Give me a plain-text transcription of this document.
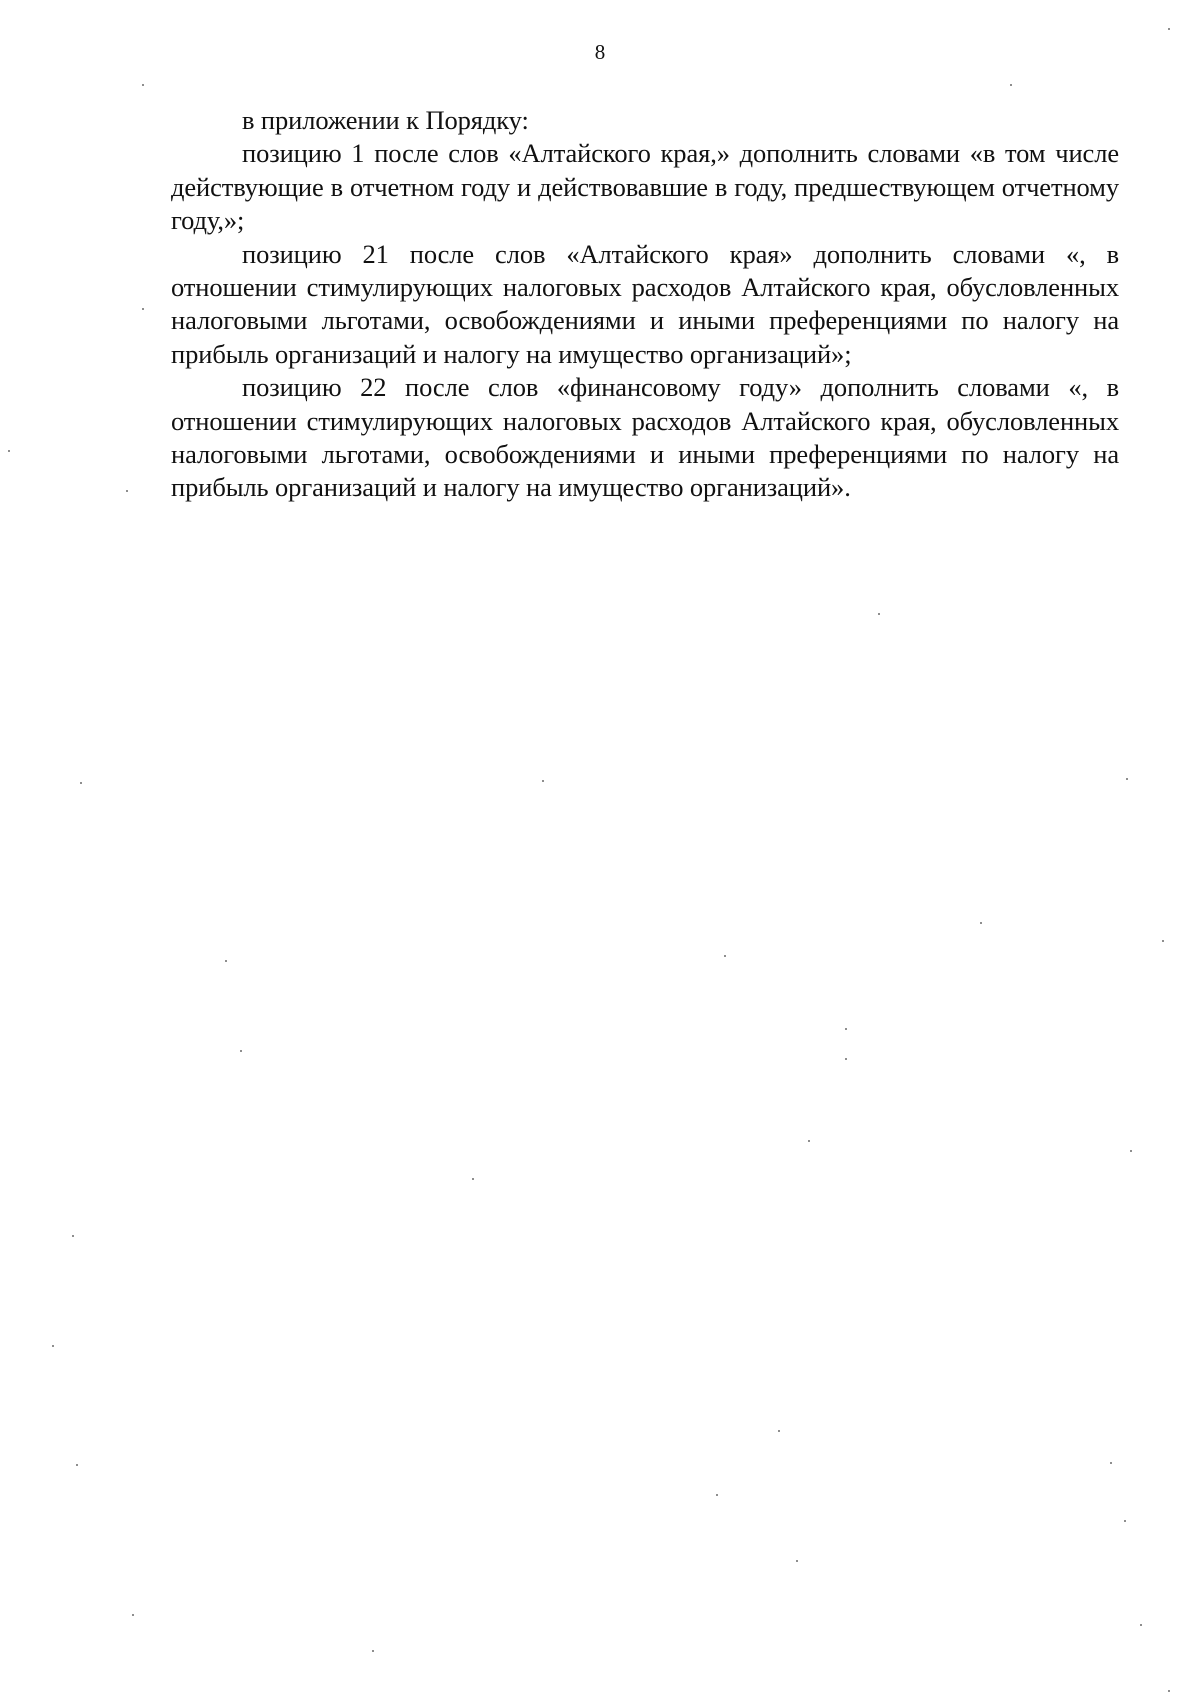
8

в приложении к Порядку:

позицию 1 после слов «Алтайского края,» дополнить словами «в том числе действующие в отчетном году и действовавшие в году, предшествующем отчетному году,»;

позицию 21 после слов «Алтайского края» дополнить словами «, в отношении стимулирующих налоговых расходов Алтайского края, обусловленных налоговыми льготами, освобождениями и иными преференциями по налогу на прибыль организаций и налогу на имущество организаций»;

позицию 22 после слов «финансовому году» дополнить словами «, в отношении стимулирующих налоговых расходов Алтайского края, обусловленных налоговыми льготами, освобождениями и иными преференциями по налогу на прибыль организаций и налогу на имущество организаций».
